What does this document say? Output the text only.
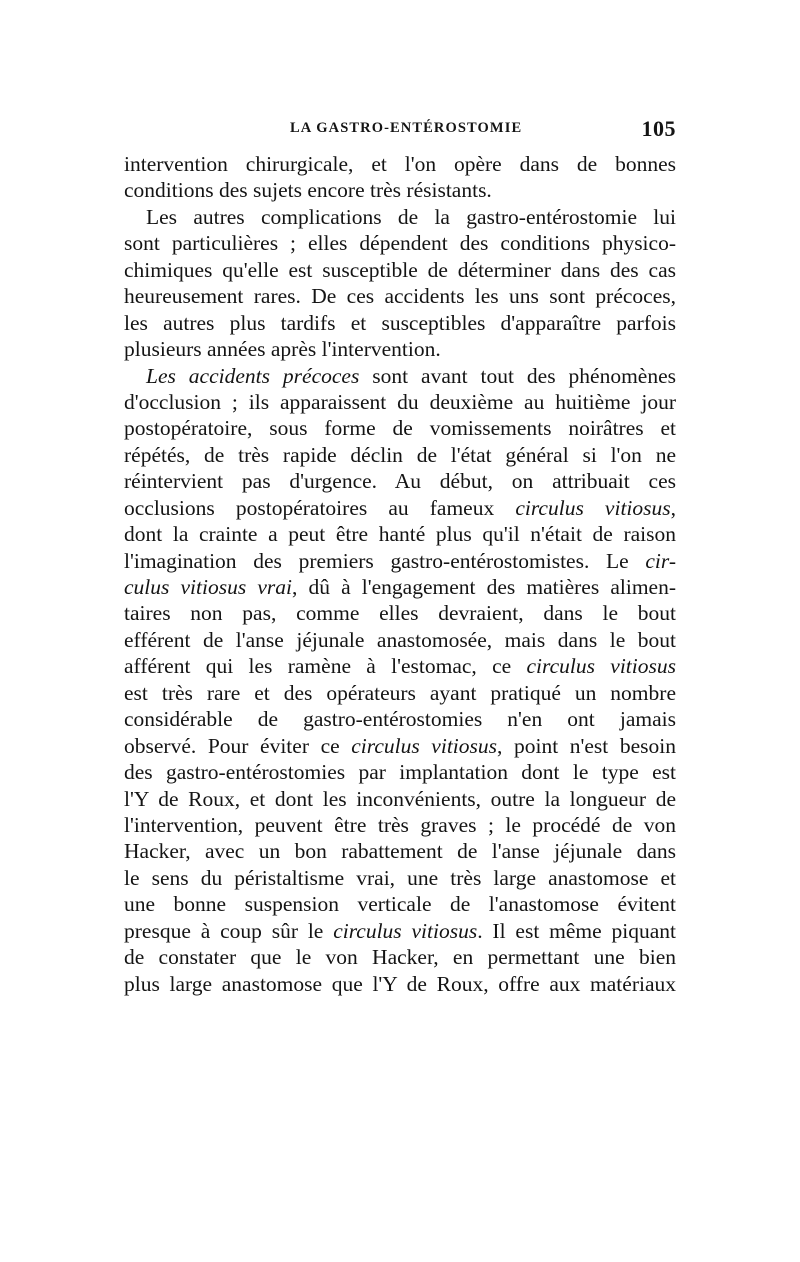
LA GASTRO-ENTÉROSTOMIE	105
intervention chirurgicale, et l'on opère dans de bonnes
conditions des sujets encore très résistants.
Les autres complications de la gastro-entérostomie lui
sont particulières ; elles dépendent des conditions physico-
chimiques qu'elle est susceptible de déterminer dans des cas
heureusement rares. De ces accidents les uns sont précoces,
les autres plus tardifs et susceptibles d'apparaître parfois
plusieurs années après l'intervention.
Les accidents précoces sont avant tout des phénomènes
d'occlusion ; ils apparaissent du deuxième au huitième jour
postopératoire, sous forme de vomissements noirâtres et
répétés, de très rapide déclin de l'état général si l'on ne
réintervient pas d'urgence. Au début, on attribuait ces
occlusions postopératoires au fameux circulus vitiosus,
dont la crainte a peut être hanté plus qu'il n'était de raison
l'imagination des premiers gastro-entérostomistes. Le cir-
culus vitiosus vrai, dû à l'engagement des matières alimen-
taires non pas, comme elles devraient, dans le bout
efférent de l'anse jéjunale anastomosée, mais dans le bout
afférent qui les ramène à l'estomac, ce circulus vitiosus
est très rare et des opérateurs ayant pratiqué un nombre
considérable de gastro-entérostomies n'en ont jamais
observé. Pour éviter ce circulus vitiosus, point n'est besoin
des gastro-entérostomies par implantation dont le type est
l'Y de Roux, et dont les inconvénients, outre la longueur de
l'intervention, peuvent être très graves ; le procédé de von
Hacker, avec un bon rabattement de l'anse jéjunale dans
le sens du péristaltisme vrai, une très large anastomose et
une bonne suspension verticale de l'anastomose évitent
presque à coup sûr le circulus vitiosus. Il est même piquant
de constater que le von Hacker, en permettant une bien
plus large anastomose que l'Y de Roux, offre aux matériaux
